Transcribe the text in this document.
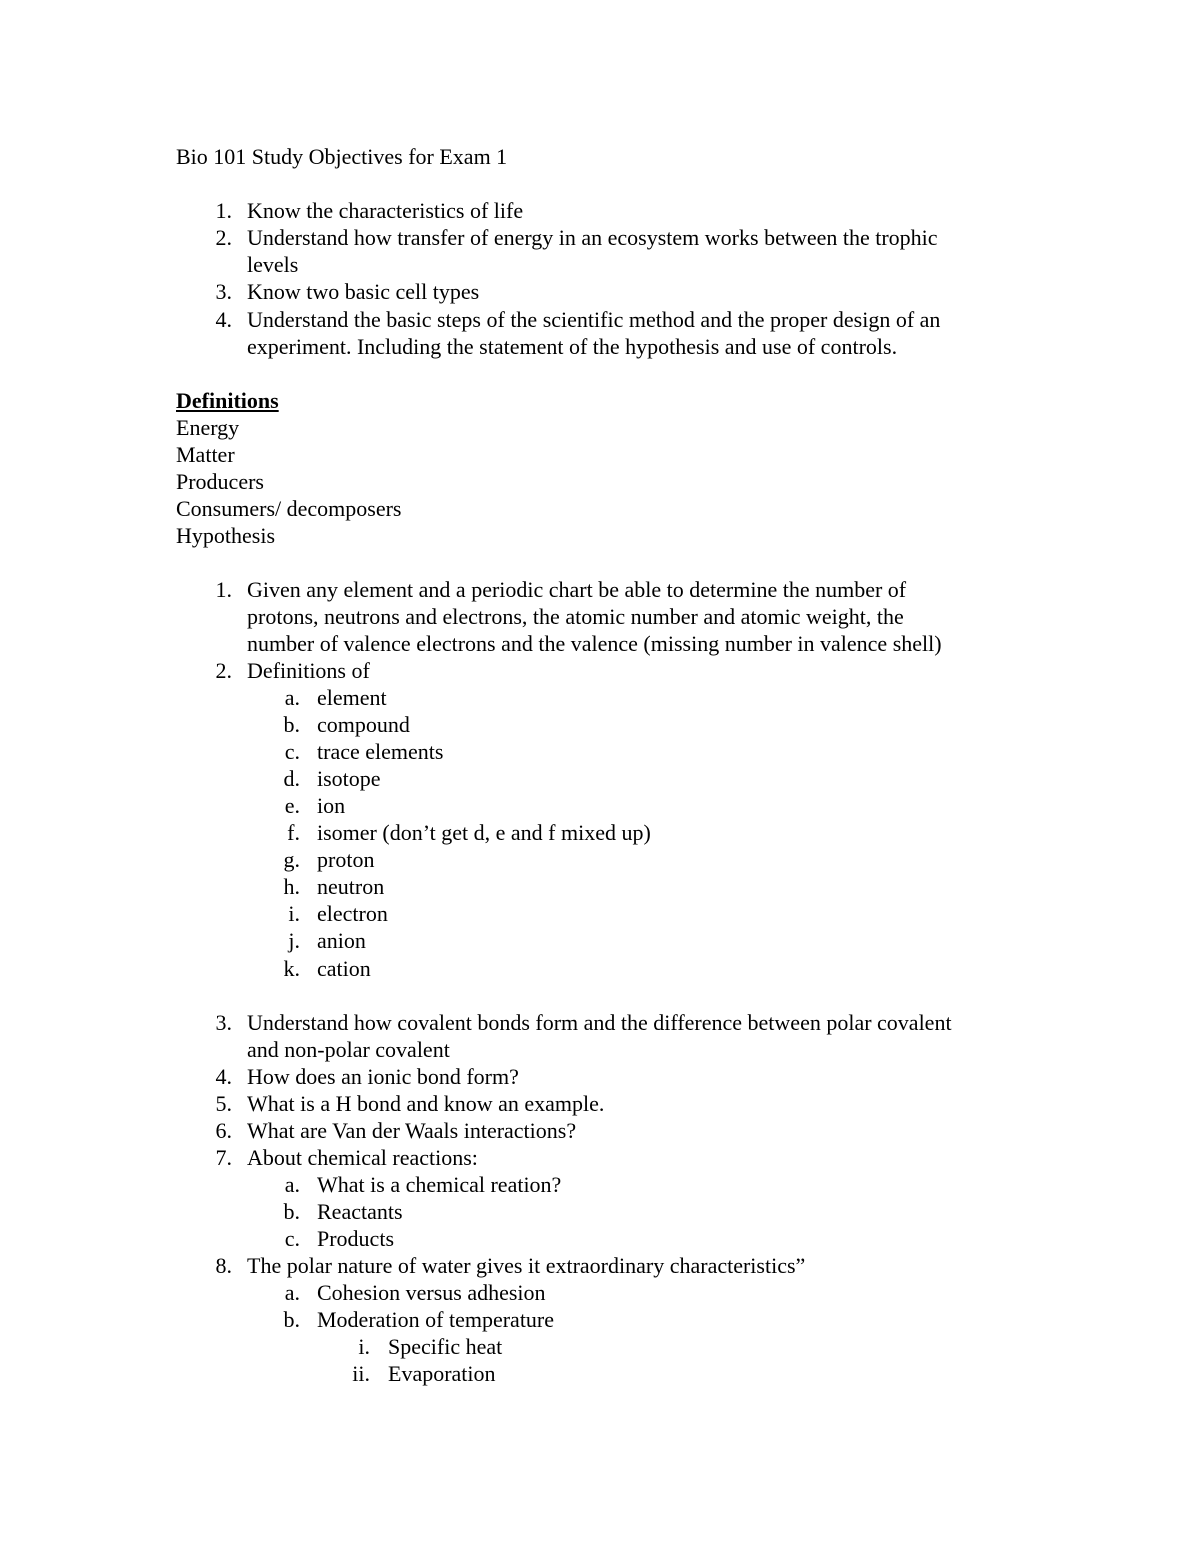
Bio 101 Study Objectives for Exam 1
1. Know the characteristics of life
2. Understand how transfer of energy in an ecosystem works between the trophic
levels
3. Know two basic cell types
4. Understand the basic steps of the scientific method and the proper design of an
experiment. Including the statement of the hypothesis and use of controls.
Definitions
Energy
Matter
Producers
Consumers/ decomposers
Hypothesis
1. Given any element and a periodic chart be able to determine the number of
protons, neutrons and electrons, the atomic number and atomic weight, the
number of valence electrons and the valence (missing number in valence shell)
2. Definitions of
a. element
b. compound
c. trace elements
d. isotope
e. ion
f. isomer (don’t get d, e and f mixed up)
g. proton
h. neutron
i. electron
j. anion
k. cation
3. Understand how covalent bonds form and the difference between polar covalent
and non-polar covalent
4. How does an ionic bond form?
5. What is a H bond and know an example.
6. What are Van der Waals interactions?
7. About chemical reactions:
a. What is a chemical reation?
b. Reactants
c. Products
8. The polar nature of water gives it extraordinary characteristics”
a. Cohesion versus adhesion
b. Moderation of temperature
i. Specific heat
ii. Evaporation
